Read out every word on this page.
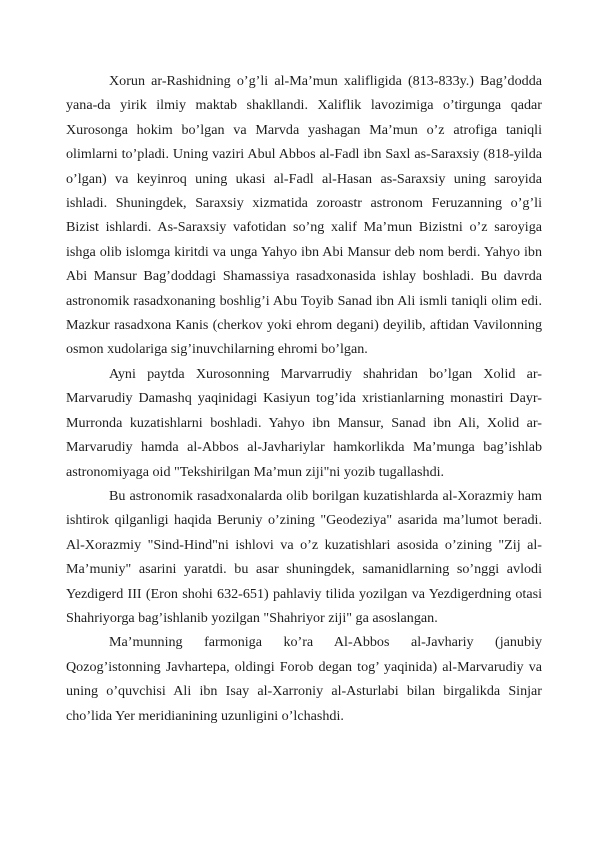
Xorun ar-Rashidning o’g’li al-Ma’mun xalifligida (813-833y.) Bag’dodda yana-da yirik ilmiy maktab shakllandi. Xaliflik lavozimiga o’tirgunga qadar Xurosonga hokim bo’lgan va Marvda yashagan Ma’mun o’z atrofiga taniqli olimlarni to’pladi. Uning vaziri Abul Abbos al-Fadl ibn Saxl as-Saraxsiy (818-yilda o’lgan) va keyinroq uning ukasi al-Fadl al-Hasan as-Saraxsiy uning saroyida ishladi. Shuningdek, Saraxsiy xizmatida zoroastr astronom Feruzanning o’g’li Bizist ishlardi. As-Saraxsiy vafotidan so’ng xalif Ma’mun Bizistni o’z saroyiga ishga olib islomga kiritdi va unga Yahyo ibn Abi Mansur deb nom berdi. Yahyo ibn Abi Mansur Bag’doddagi Shamassiya rasadxonasida ishlay boshladi. Bu davrda astronomik rasadxonaning boshlig’i Abu Toyib Sanad ibn Ali ismli taniqli olim edi. Mazkur rasadxona Kanis (cherkov yoki ehrom degani) deyilib, aftidan Vavilonning osmon xudolariga sig’inuvchilarning ehromi bo’lgan.

Ayni paytda Xurosonning Marvarrudiy shahridan bo’lgan Xolid ar-Marvarudiy Damashq yaqinidagi Kasiyun tog’ida xristianlarning monastiri Dayr-Murronda kuzatishlarni boshladi. Yahyo ibn Mansur, Sanad ibn Ali, Xolid ar-Marvarudiy hamda al-Abbos al-Javhariylar hamkorlikda Ma’munga bag’ishlab astronomiyaga oid "Tekshirilgan Ma’mun ziji"ni yozib tugallashdi.

Bu astronomik rasadxonalarda olib borilgan kuzatishlarda al-Xorazmiy ham ishtirok qilganligi haqida Beruniy o’zining "Geodeziya" asarida ma’lumot beradi. Al-Xorazmiy "Sind-Hind"ni ishlovi va o’z kuzatishlari asosida o’zining "Zij al-Ma’muniy" asarini yaratdi. bu asar shuningdek, samanidlarning so’nggi avlodi Yezdigerd III (Eron shohi 632-651) pahlaviy tilida yozilgan va Yezdigerdning otasi Shahriyorga bag’ishlanib yozilgan "Shahriyor ziji" ga asoslangan.

Ma’munning farmoniga ko’ra Al-Abbos al-Javhariy (janubiy Qozog’istonning Javhartepa, oldingi Forob degan tog’ yaqinida) al-Marvarudiy va uning o’quvchisi Ali ibn Isay al-Xarroniy al-Asturlabi bilan birgalikda Sinjar cho’lida Yer meridianining uzunligini o’lchashdi.
